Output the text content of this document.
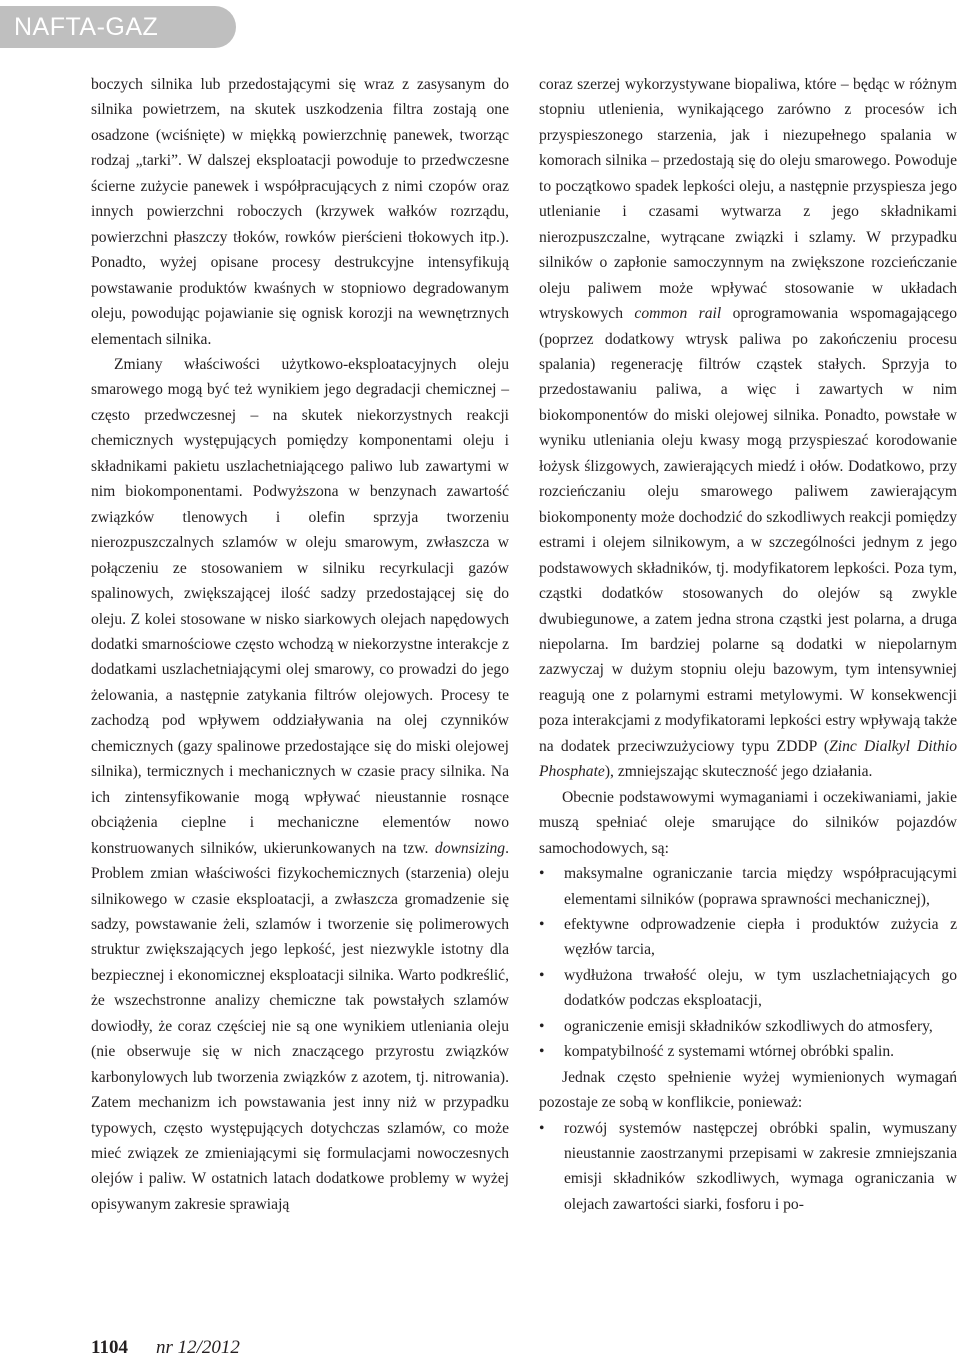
NAFTA-GAZ

boczych silnika lub przedostającymi się wraz z zasysanym do silnika powietrzem, na skutek uszkodzenia filtra zostają one osadzone (wciśnięte) w miękką powierzchnię panewek, tworząc rodzaj „tarki”. W dalszej eksploatacji powoduje to przedwczesne ścierne zużycie panewek i współpracujących z nimi czopów oraz innych powierzchni roboczych (krzywek wałków rozrządu, powierzchni płaszczy tłoków, rowków pierścieni tłokowych itp.). Ponadto, wyżej opisane procesy destrukcyjne intensyfikują powstawanie produktów kwaśnych w stopniowo degradowanym oleju, powodując pojawianie się ognisk korozji na wewnętrznych elementach silnika.

Zmiany właściwości użytkowo-eksploatacyjnych oleju smarowego mogą być też wynikiem jego degradacji chemicznej – często przedwczesnej – na skutek niekorzystnych reakcji chemicznych występujących pomiędzy komponentami oleju i składnikami pakietu uszlachetniającego paliwo lub zawartymi w nim biokomponentami. Podwyższona w benzynach zawartość związków tlenowych i olefin sprzyja tworzeniu nierozpuszczalnych szlamów w oleju smarowym, zwłaszcza w połączeniu ze stosowaniem w silniku recyrkulacji gazów spalinowych, zwiększającej ilość sadzy przedostającej się do oleju. Z kolei stosowane w nisko siarkowych olejach napędowych dodatki smarnościowe często wchodzą w niekorzystne interakcje z dodatkami uszlachetniającymi olej smarowy, co prowadzi do jego żelowania, a następnie zatykania filtrów olejowych. Procesy te zachodzą pod wpływem oddziaływania na olej czynników chemicznych (gazy spalinowe przedostające się do miski olejowej silnika), termicznych i mechanicznych w czasie pracy silnika. Na ich zintensyfikowanie mogą wpływać nieustannie rosnące obciążenia cieplne i mechaniczne elementów nowo konstruowanych silników, ukierunkowanych na tzw. downsizing. Problem zmian właściwości fizykochemicznych (starzenia) oleju silnikowego w czasie eksploatacji, a zwłaszcza gromadzenie się sadzy, powstawanie żeli, szlamów i tworzenie się polimerowych struktur zwiększających jego lepkość, jest niezwykle istotny dla bezpiecznej i ekonomicznej eksploatacji silnika. Warto podkreślić, że wszechstronne analizy chemiczne tak powstałych szlamów dowiodły, że coraz częściej nie są one wynikiem utleniania oleju (nie obserwuje się w nich znaczącego przyrostu związków karbonylowych lub tworzenia związków z azotem, tj. nitrowania). Zatem mechanizm ich powstawania jest inny niż w przypadku typowych, często występujących dotychczas szlamów, co może mieć związek ze zmieniającymi się formulacjami nowoczesnych olejów i paliw. W ostatnich latach dodatkowe problemy w wyżej opisywanym zakresie sprawiają

coraz szerzej wykorzystywane biopaliwa, które – będąc w różnym stopniu utlenienia, wynikającego zarówno z procesów ich przyspieszonego starzenia, jak i niezupełnego spalania w komorach silnika – przedostają się do oleju smarowego. Powoduje to początkowo spadek lepkości oleju, a następnie przyspiesza jego utlenianie i czasami wytwarza z jego składnikami nierozpuszczalne, wytrącane związki i szlamy. W przypadku silników o zapłonie samoczynnym na zwiększone rozcieńczanie oleju paliwem może wpływać stosowanie w układach wtryskowych common rail oprogramowania wspomagającego (poprzez dodatkowy wtrysk paliwa po zakończeniu procesu spalania) regenerację filtrów cząstek stałych. Sprzyja to przedostawaniu paliwa, a więc i zawartych w nim biokomponentów do miski olejowej silnika. Ponadto, powstałe w wyniku utleniania oleju kwasy mogą przyspieszać korodowanie łożysk ślizgowych, zawierających miedź i ołów. Dodatkowo, przy rozcieńczaniu oleju smarowego paliwem zawierającym biokomponenty może dochodzić do szkodliwych reakcji pomiędzy estrami i olejem silnikowym, a w szczególności jednym z jego podstawowych składników, tj. modyfikatorem lepkości. Poza tym, cząstki dodatków stosowanych do olejów są zwykle dwubiegunowe, a zatem jedna strona cząstki jest polarna, a druga niepolarna. Im bardziej polarne są dodatki w niepolarnym zazwyczaj w dużym stopniu oleju bazowym, tym intensywniej reagują one z polarnymi estrami metylowymi. W konsekwencji poza interakcjami z modyfikatorami lepkości estry wpływają także na dodatek przeciwzużyciowy typu ZDDP (Zinc Dialkyl Dithio Phosphate), zmniejszając skuteczność jego działania.

Obecnie podstawowymi wymaganiami i oczekiwaniami, jakie muszą spełniać oleje smarujące do silników pojazdów samochodowych, są:

• maksymalne ograniczanie tarcia między współpracującymi elementami silników (poprawa sprawności mechanicznej),
• efektywne odprowadzenie ciepła i produktów zużycia z węzłów tarcia,
• wydłużona trwałość oleju, w tym uszlachetniających go dodatków podczas eksploatacji,
• ograniczenie emisji składników szkodliwych do atmosfery,
• kompatybilność z systemami wtórnej obróbki spalin.

Jednak często spełnienie wyżej wymienionych wymagań pozostaje ze sobą w konflikcie, ponieważ:

• rozwój systemów następczej obróbki spalin, wymuszany nieustannie zaostrzanymi przepisami w zakresie zmniejszania emisji składników szkodliwych, wymaga ograniczania w olejach zawartości siarki, fosforu i po-
1104 nr 12/2012
